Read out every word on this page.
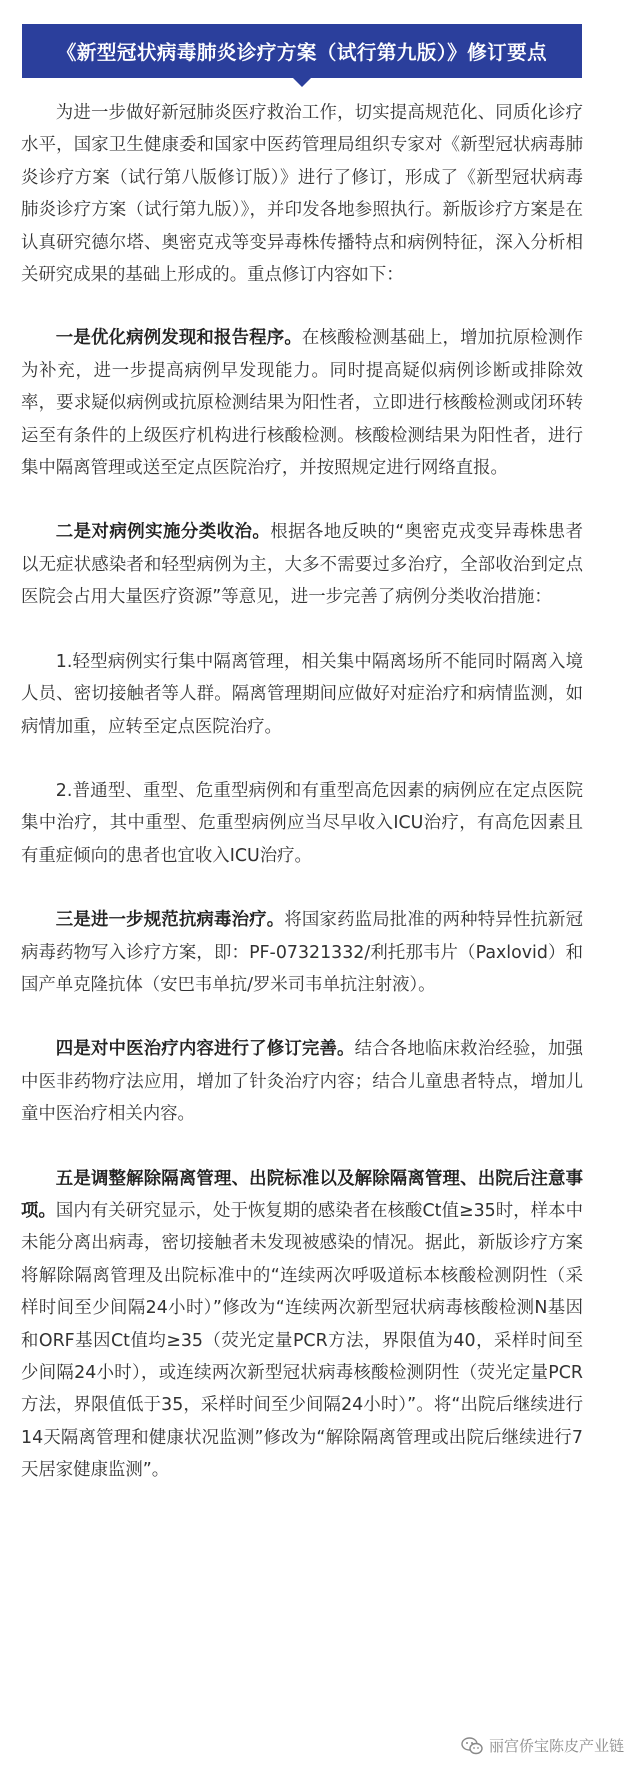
《新型冠状病毒肺炎诊疗方案（试行第九版）》修订要点

为进一步做好新冠肺炎医疗救治工作，切实提高规范化、同质化诊疗水平，国家卫生健康委和国家中医药管理局组织专家对《新型冠状病毒肺炎诊疗方案（试行第八版修订版）》进行了修订，形成了《新型冠状病毒肺炎诊疗方案（试行第九版）》，并印发各地参照执行。新版诊疗方案是在认真研究德尔塔、奥密克戎等变异毒株传播特点和病例特征，深入分析相关研究成果的基础上形成的。重点修订内容如下：

一是优化病例发现和报告程序。在核酸检测基础上，增加抗原检测作为补充，进一步提高病例早发现能力。同时提高疑似病例诊断或排除效率，要求疑似病例或抗原检测结果为阳性者，立即进行核酸检测或闭环转运至有条件的上级医疗机构进行核酸检测。核酸检测结果为阳性者，进行集中隔离管理或送至定点医院治疗，并按照规定进行网络直报。

二是对病例实施分类收治。根据各地反映的“奥密克戎变异毒株患者以无症状感染者和轻型病例为主，大多不需要过多治疗，全部收治到定点医院会占用大量医疗资源”等意见，进一步完善了病例分类收治措施：

1.轻型病例实行集中隔离管理，相关集中隔离场所不能同时隔离入境人员、密切接触者等人群。隔离管理期间应做好对症治疗和病情监测，如病情加重，应转至定点医院治疗。

2.普通型、重型、危重型病例和有重型高危因素的病例应在定点医院集中治疗，其中重型、危重型病例应当尽早收入ICU治疗，有高危因素且有重症倾向的患者也宜收入ICU治疗。

三是进一步规范抗病毒治疗。将国家药监局批准的两种特异性抗新冠病毒药物写入诊疗方案，即：PF-07321332/利托那韦片（Paxlovid）和国产单克隆抗体（安巴韦单抗/罗米司韦单抗注射液）。

四是对中医治疗内容进行了修订完善。结合各地临床救治经验，加强中医非药物疗法应用，增加了针灸治疗内容；结合儿童患者特点，增加儿童中医治疗相关内容。

五是调整解除隔离管理、出院标准以及解除隔离管理、出院后注意事项。国内有关研究显示，处于恢复期的感染者在核酸Ct值≥35时，样本中未能分离出病毒，密切接触者未发现被感染的情况。据此，新版诊疗方案将解除隔离管理及出院标准中的“连续两次呼吸道标本核酸检测阴性（采样时间至少间隔24小时）”修改为“连续两次新型冠状病毒核酸检测N基因和ORF基因Ct值均≥35（荧光定量PCR方法，界限值为40，采样时间至少间隔24小时），或连续两次新型冠状病毒核酸检测阴性（荧光定量PCR方法，界限值低于35，采样时间至少间隔24小时）”。将“出院后继续进行14天隔离管理和健康状况监测”修改为“解除隔离管理或出院后继续进行7天居家健康监测”。

丽宫侨宝陈皮产业链
